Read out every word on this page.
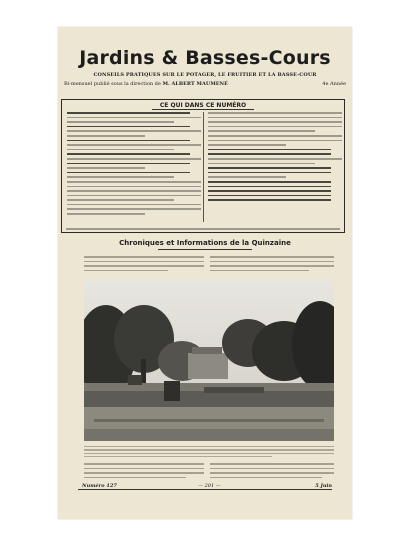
Jardins & Basses-Cours
CONSEILS PRATIQUES SUR LE POTAGER, LE FRUITIER ET LA BASSE-COUR
Bi-mensuel publié sous la direction de M. ALBERT MAUMENÉ	4e Année
CE QUI DANS CE NUMÉRO
Chroniques et Informations de la Quinzaine
Numéro 127	— 201 —	5 Juin
